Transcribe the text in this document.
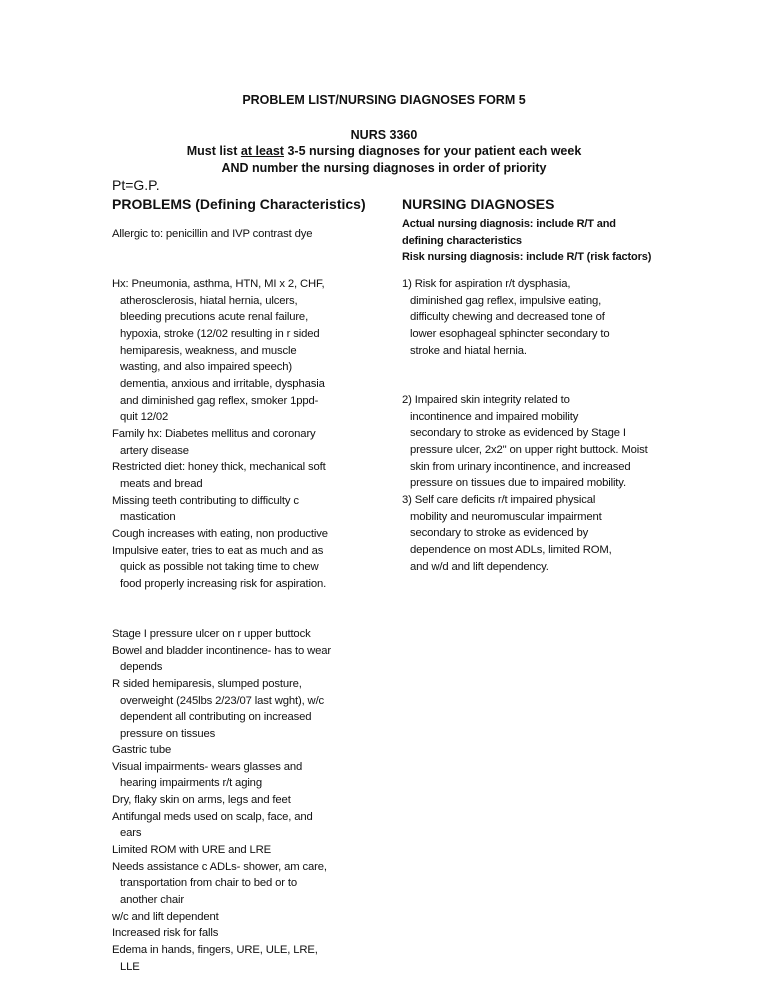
PROBLEM LIST/NURSING DIAGNOSES FORM 5
NURS 3360
Must list at least 3-5 nursing diagnoses for your patient each week
AND number the nursing diagnoses in order of priority
Pt=G.P.
PROBLEMS (Defining Characteristics)	NURSING DIAGNOSES
Actual nursing diagnosis: include R/T and
defining characteristics
Risk nursing diagnosis: include R/T (risk factors)
Allergic to: penicillin and IVP contrast dye
Hx: Pneumonia, asthma, HTN, MI x 2, CHF,
atherosclerosis, hiatal hernia, ulcers,
bleeding precutions acute renal failure,
hypoxia, stroke (12/02 resulting in r sided
hemiparesis, weakness, and muscle
wasting, and also impaired speech)
dementia, anxious and irritable, dysphasia
and diminished gag reflex, smoker 1ppd-
quit 12/02
Family hx: Diabetes mellitus and coronary
artery disease
Restricted diet: honey thick, mechanical soft
meats and bread
Missing teeth contributing to difficulty c
mastication
Cough increases with eating, non productive
Impulsive eater, tries to eat as much and as
quick as possible not taking time to chew
food properly increasing risk for aspiration.
Stage I pressure ulcer on r upper buttock
Bowel and bladder incontinence- has to wear
depends
R sided hemiparesis, slumped posture,
overweight (245lbs 2/23/07 last wght), w/c
dependent all contributing on increased
pressure on tissues
Gastric tube
Visual impairments- wears glasses and
hearing impairments r/t aging
Dry, flaky skin on arms, legs and feet
Antifungal meds used on scalp, face, and
ears
Limited ROM with URE and LRE
Needs assistance c ADLs- shower, am care,
transportation from chair to bed or to
another chair
w/c and lift dependent
Increased risk for falls
Edema in hands, fingers, URE, ULE, LRE,
LLE
1) Risk for aspiration r/t dysphasia,
diminished gag reflex, impulsive eating,
difficulty chewing and decreased tone of
lower esophageal sphincter secondary to
stroke and hiatal hernia.
2) Impaired skin integrity related to
incontinence and impaired mobility
secondary to stroke as evidenced by Stage I
pressure ulcer, 2x2" on upper right buttock. Moist
skin from urinary incontinence, and increased
pressure on tissues due to impaired mobility.
3) Self care deficits r/t impaired physical
mobility and neuromuscular impairment
secondary to stroke as evidenced by
dependence on most ADLs, limited ROM,
and w/d and lift dependency.
